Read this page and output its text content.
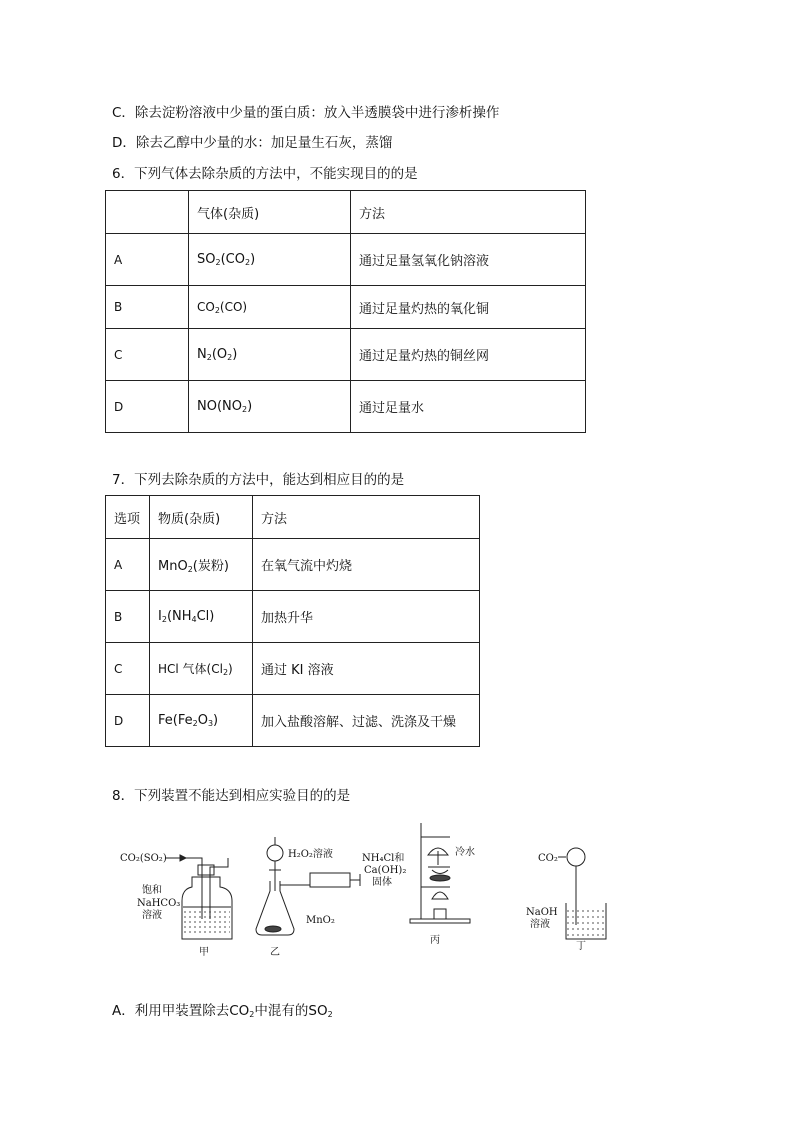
C．除去淀粉溶液中少量的蛋白质：放入半透膜袋中进行渗析操作
D．除去乙醇中少量的水：加足量生石灰，蒸馏
6．下列气体去除杂质的方法中，不能实现目的的是
	气体(杂质)	方法
A	$SO_2(CO_2)$	通过足量氢氧化钠溶液
B	$CO_2(CO)$	通过足量灼热的氧化铜
C	$N_2(O_2)$	通过足量灼热的铜丝网
D	$NO(NO_2)$	通过足量水
7．下列去除杂质的方法中，能达到相应目的的是
选项	物质(杂质)	方法
A	MnO$_2$(炭粉)	在氧气流中灼烧
B	$I_2(NH_4Cl)$	加热升华
C	HCl 气体$(Cl_2)$	通过 KI 溶液
D	$Fe(Fe_2O_3)$	加入盐酸溶解、过滤、洗涤及干燥
8．下列装置不能达到相应实验目的的是
CO₂(SO₂)
饱和
NaHCO₃
溶液
甲
H₂O₂溶液
MnO₂
乙
NH₄Cl和
Ca(OH)₂
固体
冷水
丙
CO₂
NaOH
溶液
丁
A．利用甲装置除去$CO_2$中混有的$SO_2$
